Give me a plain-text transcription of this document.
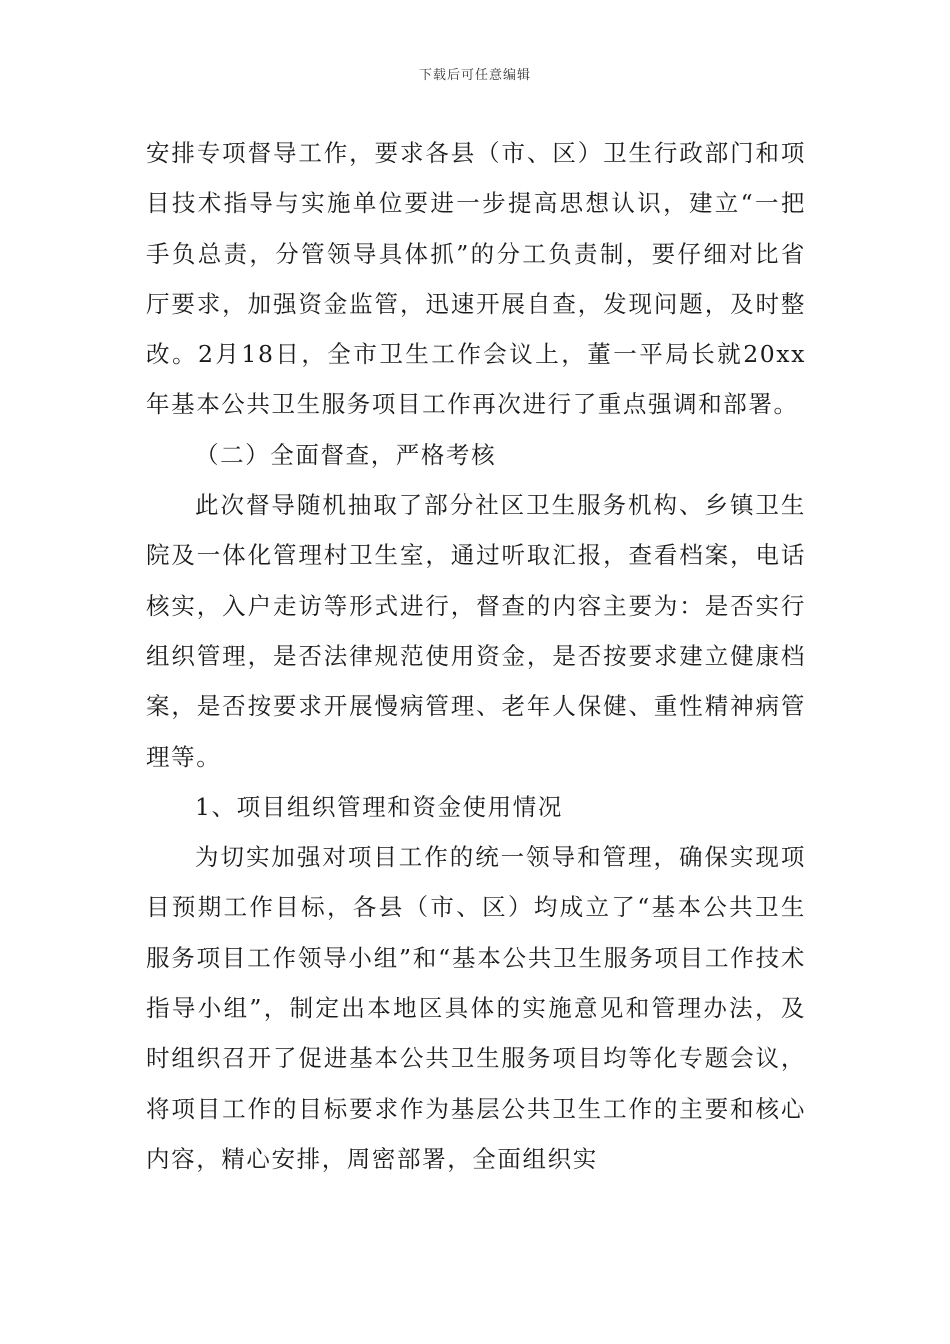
下载后可任意编辑

安排专项督导工作，要求各县（市、区）卫生行政部门和项目技术指导与实施单位要进一步提高思想认识，建立“一把手负总责，分管领导具体抓”的分工负责制，要仔细对比省厅要求，加强资金监管，迅速开展自查，发现问题，及时整改。2月18日，全市卫生工作会议上，董一平局长就20xx年基本公共卫生服务项目工作再次进行了重点强调和部署。

（二）全面督查，严格考核

此次督导随机抽取了部分社区卫生服务机构、乡镇卫生院及一体化管理村卫生室，通过听取汇报，查看档案，电话核实，入户走访等形式进行，督查的内容主要为：是否实行组织管理，是否法律规范使用资金，是否按要求建立健康档案，是否按要求开展慢病管理、老年人保健、重性精神病管理等。

1、项目组织管理和资金使用情况

为切实加强对项目工作的统一领导和管理，确保实现项目预期工作目标，各县（市、区）均成立了“基本公共卫生服务项目工作领导小组”和“基本公共卫生服务项目工作技术指导小组”，制定出本地区具体的实施意见和管理办法，及时组织召开了促进基本公共卫生服务项目均等化专题会议，将项目工作的目标要求作为基层公共卫生工作的主要和核心内容，精心安排，周密部署，全面组织实
